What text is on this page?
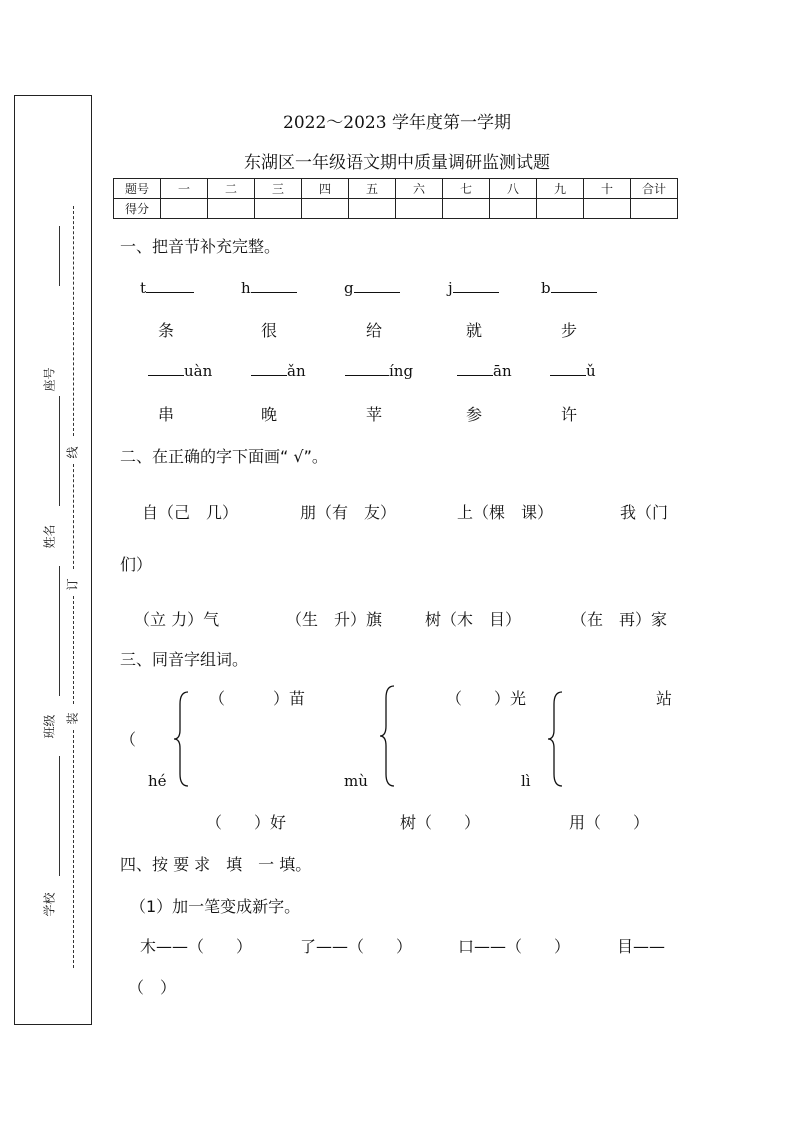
座号
姓名
班级
学校
线
订
装
2022～2023 学年度第一学期
东湖区一年级语文期中质量调研监测试题
题号	一	二	三	四	五	六	七	八	九	十	合计
得分											
一、把音节补充完整。
t	h	g	j	b
条	很	给	就	步
uàn	ǎn	íng	ān	ǔ
串	晚	苹	参	许
二、在正确的字下面画“ √”。
自（己　几）	朋（有　友）	上（棵　课）	我（门
们）
（立 力）气	（生　升）旗	树（木　目）	（在　再）家
三、同音字组词。
（　　　）苗
（
hé
（　　）好
（　　）光
mù
树（　　）
站
lì
用（　　）
四、按 要 求　填　一 填。
（1）加一笔变成新字。
木——（　　）	了——（　　）	口——（　　）	目——
（　）
